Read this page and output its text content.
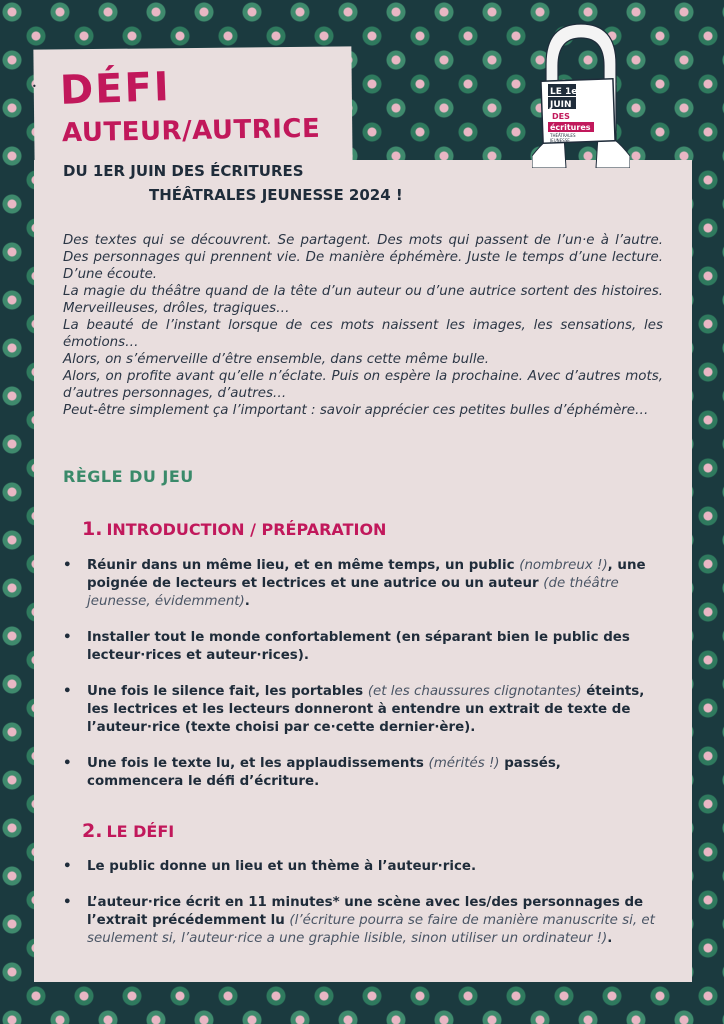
• DÉFI
AUTEUR/AUTRICE
DU 1ER JUIN DES ÉCRITURES
THÉÂTRALES JEUNESSE 2024 !
LE 1er
JUIN
DES
écritures
THÉÂTRALES
JEUNESSE

Des textes qui se découvrent. Se partagent. Des mots qui passent de l’un·e à l’autre. Des personnages qui prennent vie. De manière éphémère. Juste le temps d’une lecture. D’une écoute.

La magie du théâtre quand de la tête d’un auteur ou d’une autrice sortent des histoires. Merveilleuses, drôles, tragiques…

La beauté de l’instant lorsque de ces mots naissent les images, les sensations, les émotions…

Alors, on s’émerveille d’être ensemble, dans cette même bulle.

Alors, on profite avant qu’elle n’éclate. Puis on espère la prochaine. Avec d’autres mots, d’autres personnages, d’autres…

Peut-être simplement ça l’important : savoir apprécier ces petites bulles d’éphémère…

RÈGLE DU JEU
1. INTRODUCTION / PRÉPARATION
• Réunir dans un même lieu, et en même temps, un public (nombreux !), une poignée de lecteurs et lectrices et une autrice ou un auteur (de théâtre jeunesse, évidemment).
• Installer tout le monde confortablement (en séparant bien le public des lecteur·rices et auteur·rices).
• Une fois le silence fait, les portables (et les chaussures clignotantes) éteints, les lectrices et les lecteurs donneront à entendre un extrait de texte de l’auteur·rice (texte choisi par ce·cette dernier·ère).
• Une fois le texte lu, et les applaudissements (mérités !) passés, commencera le défi d’écriture.
2. LE DÉFI
• Le public donne un lieu et un thème à l’auteur·rice.
• L’auteur·rice écrit en 11 minutes* une scène avec les/des personnages de l’extrait précédemment lu (l’écriture pourra se faire de manière manuscrite si, et seulement si, l’auteur·rice a une graphie lisible, sinon utiliser un ordinateur !).
